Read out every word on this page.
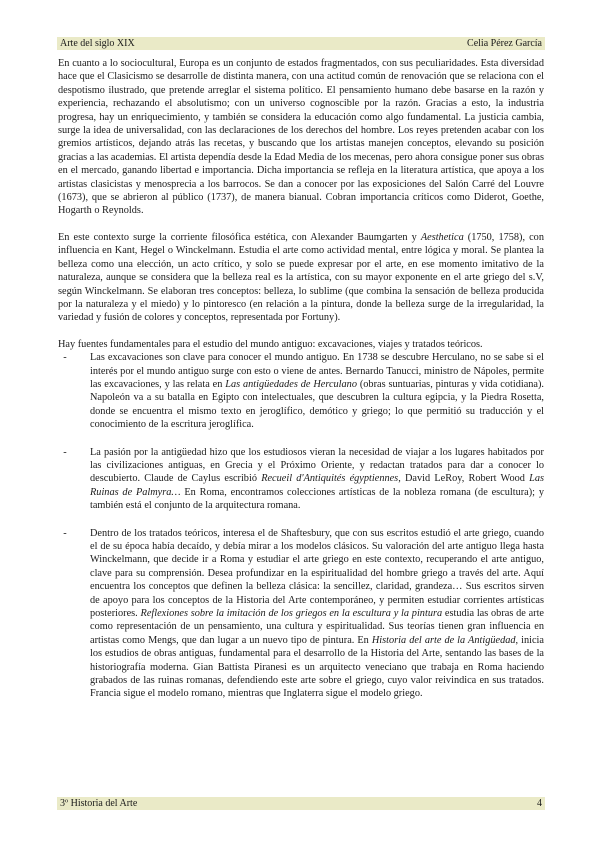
Arte del siglo XIX	Celia Pérez García

En cuanto a lo sociocultural, Europa es un conjunto de estados fragmentados, con sus peculiaridades. Esta diversidad hace que el Clasicismo se desarrolle de distinta manera, con una actitud común de renovación que se relaciona con el despotismo ilustrado, que pretende arreglar el sistema político. El pensamiento humano debe basarse en la razón y experiencia, rechazando el absolutismo; con un universo cognoscible por la razón. Gracias a esto, la industria progresa, hay un enriquecimiento, y también se considera la educación como algo fundamental. La justicia cambia, surge la idea de universalidad, con las declaraciones de los derechos del hombre. Los reyes pretenden acabar con los gremios artísticos, dejando atrás las recetas, y buscando que los artistas manejen conceptos, elevando su posición gracias a las academias. El artista dependía desde la Edad Media de los mecenas, pero ahora consigue poner sus obras en el mercado, ganando libertad e importancia. Dicha importancia se refleja en la literatura artística, que apoya a los artistas clasicistas y menosprecia a los barrocos. Se dan a conocer por las exposiciones del Salón Carré del Louvre (1673), que se abrieron al público (1737), de manera bianual. Cobran importancia críticos como Diderot, Goethe, Hogarth o Reynolds.

En este contexto surge la corriente filosófica estética, con Alexander Baumgarten y Aesthetica (1750, 1758), con influencia en Kant, Hegel o Winckelmann. Estudia el arte como actividad mental, entre lógica y moral. Se plantea la belleza como una elección, un acto crítico, y solo se puede expresar por el arte, en ese momento imitativo de la naturaleza, aunque se considera que la belleza real es la artística, con su mayor exponente en el arte griego del s.V, según Winckelmann. Se elaboran tres conceptos: belleza, lo sublime (que combina la sensación de belleza producida por la naturaleza y el miedo) y lo pintoresco (en relación a la pintura, donde la belleza surge de la irregularidad, la variedad y fusión de colores y conceptos, representada por Fortuny).

Hay fuentes fundamentales para el estudio del mundo antiguo: excavaciones, viajes y tratados teóricos.

-	Las excavaciones son clave para conocer el mundo antiguo. En 1738 se descubre Herculano, no se sabe si el interés por el mundo antiguo surge con esto o viene de antes. Bernardo Tanucci, ministro de Nápoles, permite las excavaciones, y las relata en Las antigüedades de Herculano (obras suntuarias, pinturas y vida cotidiana). Napoleón va a su batalla en Egipto con intelectuales, que descubren la cultura egipcia, y la Piedra Rosetta, donde se encuentra el mismo texto en jeroglífico, demótico y griego; lo que permitió su traducción y el conocimiento de la escritura jeroglífica.

-	La pasión por la antigüedad hizo que los estudiosos vieran la necesidad de viajar a los lugares habitados por las civilizaciones antiguas, en Grecia y el Próximo Oriente, y redactan tratados para dar a conocer lo descubierto. Claude de Caylus escribió Recueil d'Antiquités égyptiennes, David LeRoy, Robert Wood Las Ruinas de Palmyra… En Roma, encontramos colecciones artísticas de la nobleza romana (de escultura); y también está el conjunto de la arquitectura romana.

-	Dentro de los tratados teóricos, interesa el de Shaftesbury, que con sus escritos estudió el arte griego, cuando el de su época había decaído, y debía mirar a los modelos clásicos. Su valoración del arte antiguo llega hasta Winckelmann, que decide ir a Roma y estudiar el arte griego en este contexto, recuperando el arte antiguo, clave para su comprensión. Desea profundizar en la espiritualidad del hombre griego a través del arte. Aquí encuentra los conceptos que definen la belleza clásica: la sencillez, claridad, grandeza… Sus escritos sirven de apoyo para los conceptos de la Historia del Arte contemporáneo, y permiten estudiar corrientes artísticas posteriores. Reflexiones sobre la imitación de los griegos en la escultura y la pintura estudia las obras de arte como representación de un pensamiento, una cultura y espiritualidad. Sus teorías tienen gran influencia en artistas como Mengs, que dan lugar a un nuevo tipo de pintura. En Historia del arte de la Antigüedad, inicia los estudios de obras antiguas, fundamental para el desarrollo de la Historia del Arte, sentando las bases de la historiografía moderna. Gian Battista Piranesi es un arquitecto veneciano que trabaja en Roma haciendo grabados de las ruinas romanas, defendiendo este arte sobre el griego, cuyo valor reivindica en sus tratados. Francia sigue el modelo romano, mientras que Inglaterra sigue el modelo griego.

3º Historia del Arte	4
